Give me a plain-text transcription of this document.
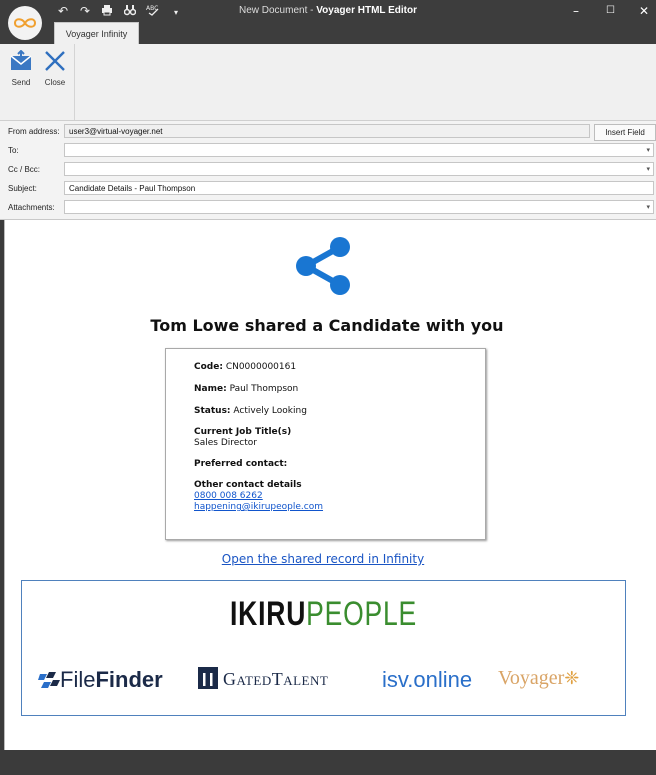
↶ ↷	ABC ▾	New Document - Voyager HTML Editor	–	☐ ✕
Voyager Infinity
Send	Close
From address:	user3@virtual-voyager.net	Insert Field
To:	▾
Cc / Bcc:	▾
Subject:	Candidate Details - Paul Thompson
Attachments:	▾
Tom Lowe shared a Candidate with you
Code: CN0000000161
Name: Paul Thompson
Status: Actively Looking
Current Job Title(s)
Sales Director
Preferred contact:
Other contact details
0800 008 6262
happening@ikirupeople.com
Open the shared record in Infinity
IKIRUPEOPLE
FileFinder	GatedTalent isv.online Voyager❈
